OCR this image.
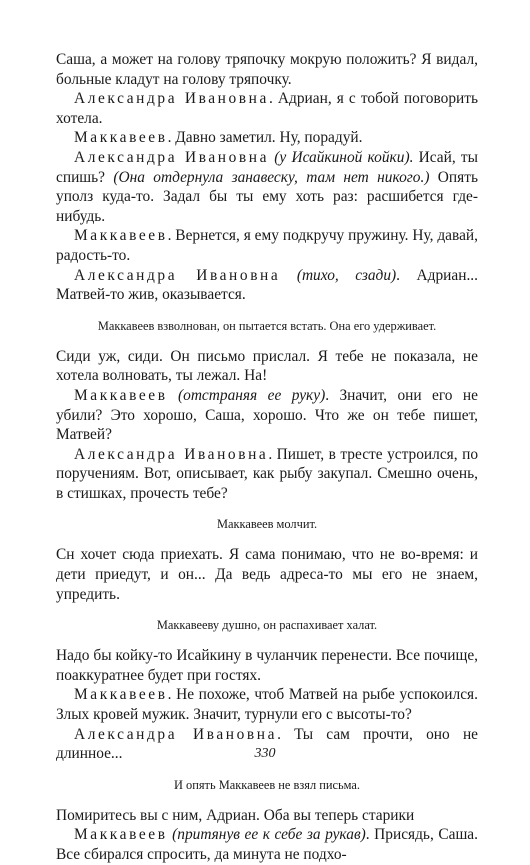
Саша, а может на голову тряпочку мокрую положить? Я видал, больные кладут на голову тряпочку.

Александра Ивановна. Адриан, я с тобой поговорить хотела.

Маккавеев. Давно заметил. Ну, порадуй.

Александра Ивановна (у Исайкиной койки). Исай, ты спишь? (Она отдернула занавеску, там нет никого.) Опять уполз куда-то. Задал бы ты ему хоть раз: расшибется где-нибудь.

Маккавеев. Вернется, я ему подкручу пружину. Ну, давай, радость-то.

Александра Ивановна (тихо, сзади). Адриан... Матвей-то жив, оказывается.

Маккавеев взволнован, он пытается встать. Она его удерживает.

Сиди уж, сиди. Он письмо прислал. Я тебе не показала, не хотела волновать, ты лежал. На!

Маккавеев (отстраняя ее руку). Значит, они его не убили? Это хорошо, Саша, хорошо. Что же он тебе пишет, Матвей?

Александра Ивановна. Пишет, в тресте устроился, по поручениям. Вот, описывает, как рыбу закупал. Смешно очень, в стишках, прочесть тебе?

Маккавеев молчит.

Сн хочет сюда приехать. Я сама понимаю, что не во-время: и дети приедут, и он... Да ведь адреса-то мы его не знаем, упредить.

Маккавееву душно, он распахивает халат.

Надо бы койку-то Исайкину в чуланчик перенести. Все почище, поаккуратнее будет при гостях.

Маккавеев. Не похоже, чтоб Матвей на рыбе успокоился. Злых кровей мужик. Значит, турнули его с высоты-то?

Александра Ивановна. Ты сам прочти, оно не длинное...

И опять Маккавеев не взял письма.

Помиритесь вы с ним, Адриан. Оба вы теперь старики

Маккавеев (притянув ее к себе за рукав). Присядь, Саша. Все сбирался спросить, да минута не подхо-

330
